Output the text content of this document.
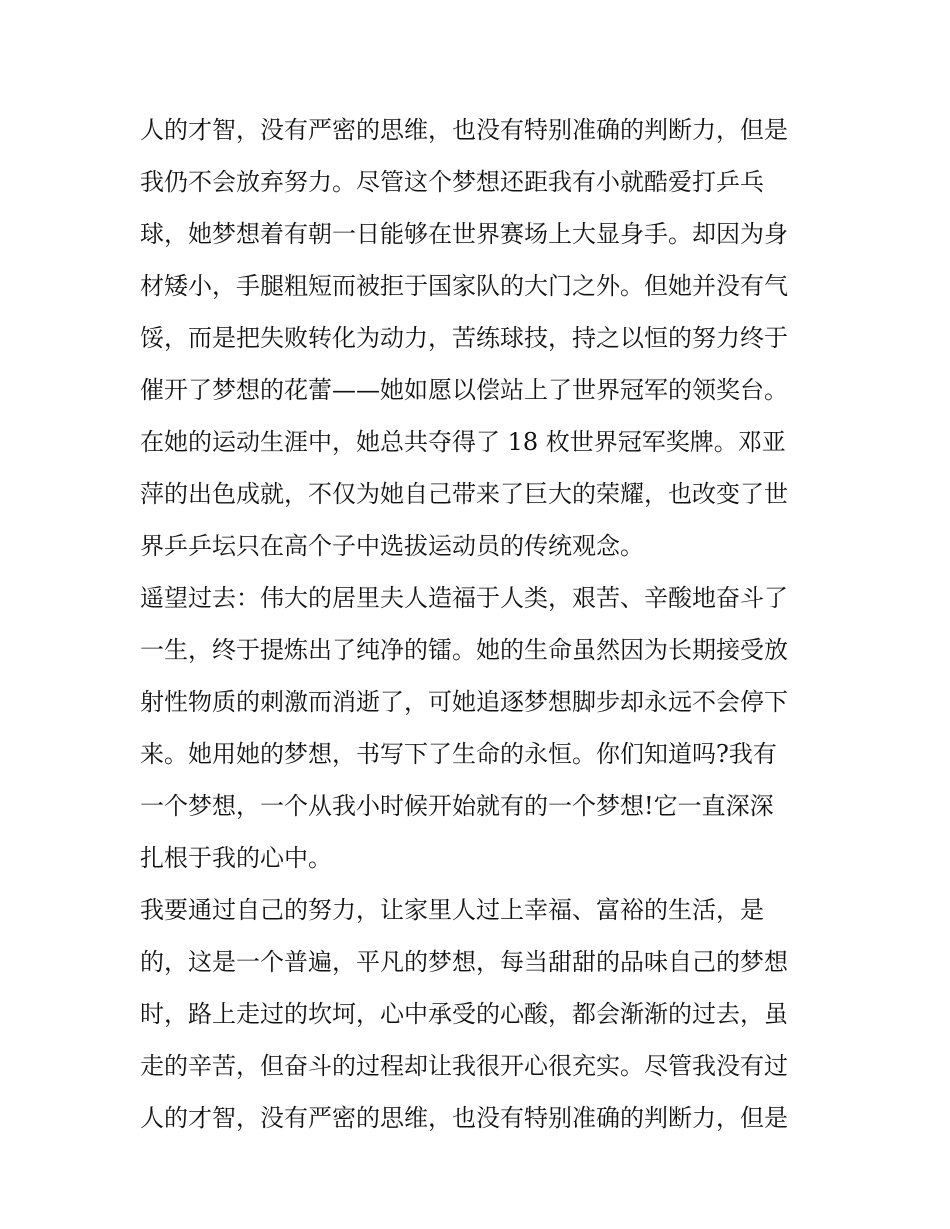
人的才智，没有严密的思维，也没有特别准确的判断力，但是
我仍不会放弃努力。尽管这个梦想还距我有小就酷爱打乒乓
球，她梦想着有朝一日能够在世界赛场上大显身手。却因为身
材矮小，手腿粗短而被拒于国家队的大门之外。但她并没有气
馁，而是把失败转化为动力，苦练球技，持之以恒的努力终于
催开了梦想的花蕾——她如愿以偿站上了世界冠军的领奖台。
在她的运动生涯中，她总共夺得了 18 枚世界冠军奖牌。邓亚
萍的出色成就，不仅为她自己带来了巨大的荣耀，也改变了世
界乒乒坛只在高个子中选拔运动员的传统观念。
遥望过去：伟大的居里夫人造福于人类，艰苦、辛酸地奋斗了
一生，终于提炼出了纯净的镭。她的生命虽然因为长期接受放
射性物质的刺激而消逝了，可她追逐梦想脚步却永远不会停下
来。她用她的梦想，书写下了生命的永恒。你们知道吗?我有
一个梦想，一个从我小时候开始就有的一个梦想!它一直深深
扎根于我的心中。
我要通过自己的努力，让家里人过上幸福、富裕的生活，是
的，这是一个普遍，平凡的梦想，每当甜甜的品味自己的梦想
时，路上走过的坎坷，心中承受的心酸，都会渐渐的过去，虽
走的辛苦，但奋斗的过程却让我很开心很充实。尽管我没有过
人的才智，没有严密的思维，也没有特别准确的判断力，但是
